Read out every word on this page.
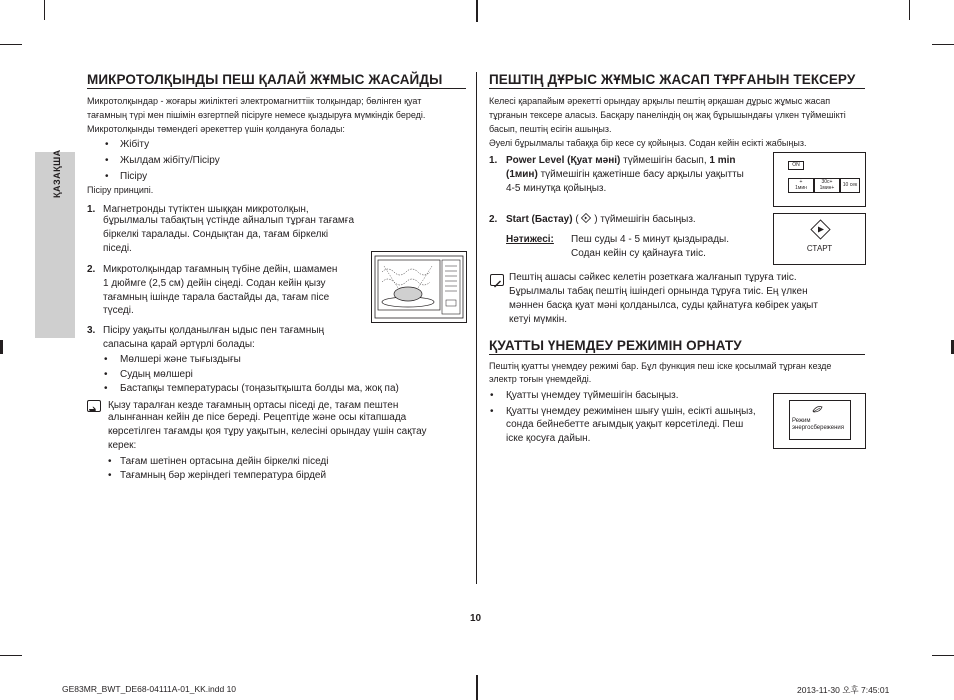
ҚАЗАҚША
МИКРОТОЛҚЫНДЫ ПЕШ ҚАЛАЙ ЖҰМЫС ЖАСАЙДЫ
Микротолқындар - жоғары жиіліктегі электромагниттіік толқындар; бөлінген қуат
тағамның түрі мен пішімін өзгертпей пісіруге немесе қыздыруға мүмкіндік береді.
Микротолқынды төмендегі әрекеттер үшін қолдануға болады:
• Жібіту
• Жылдам жібіту/Пісіру
• Пісіру
Пісіру принципі.
1. Магнетронды түтіктен шыққан микротолқын,
бұрылмалы табақтың үстінде айналып тұрған тағамға
біркелкі таралады. Сондықтан да, тағам біркелкі
піседі.
2. Микротолқындар тағамның түбіне дейін, шамамен
1 дюймге (2,5 см) дейін сіңеді. Содан кейін қызу
тағамның ішінде тарала бастайды да, тағам пісе
түседі.
3. Пісіру уақыты қолданылған ыдыс пен тағамның
сапасына қарай әртүрлі болады:
• Мөлшері және тығыздығы
• Судың мөлшері
• Бастапқы температурасы (тоңазытқышта болды ма, жоқ па)
Қызу таралған кезде тағамның ортасы піседі де, тағам пештен
алынғаннан кейін де пісе береді. Рецептіде және осы кітапшада
көрсетілген тағамды қоя тұру уақытын, келесіні орындау үшін сақтау
керек:
• Тағам шетінен ортасына дейін біркелкі піседі
• Тағамның бәр жеріндегі температура бірдей
ПЕШТІҢ ДҰРЫС ЖҰМЫС ЖАСАП ТҰРҒАНЫН ТЕКСЕРУ
Келесі қарапайым әрекетті орындау арқылы пештің әрқашан дұрыс жұмыс жасап
тұрғанын тексере аласыз. Басқару панеліндің оң жақ бұрышындағы үлкен түймешікті
басып, пештің есігін ашыңыз.
Әуелі бұрылмалы табаққа бір кесе су қойыңыз. Содан кейін есікті жабыңыз.
1. Power Level (Қуат мәні) түймешігін басып, 1 min
(1мин) түймешігін қажетінше басу арқылы уақытты
4-5 минутқа қойыңыз.
ON
+
1мин
30с+
1мин+	10 сек
2. Start (Бастау) (  ) түймешігін басыңыз.
Нәтижесі: Пеш суды 4 - 5 минут қыздырады.
Содан кейін су қайнауға тиіс.	СТАРТ
Пештің ашасы сәйкес келетін розеткаға жалғанып тұруға тиіс.
Бұрылмалы табақ пештің ішіндегі орнында тұруға тиіс. Ең үлкен
мәннен басқа қуат мәні қолданылса, суды қайнатуға көбірек уақыт
кетуі мүмкін.
ҚУАТТЫ ҮНЕМДЕУ РЕЖИМІН ОРНАТУ
Пештің қуатты үнемдеу режимі бар. Бұл функция пеш іске қосылмай тұрған кезде
электр тоғын үнемдейді.
• Қуатты үнемдеу түймешігін басыңыз.
• Қуатты үнемдеу режимінен шығу үшін, есікті ашыңыз,
сонда бейнебетте ағымдық уақыт көрсетіледі. Пеш
іске қосуға дайын.
Режим
энергосбережения
10
GE83MR_BWT_DE68-04111A-01_KK.indd 10	2013-11-30 오후 7:45:01
